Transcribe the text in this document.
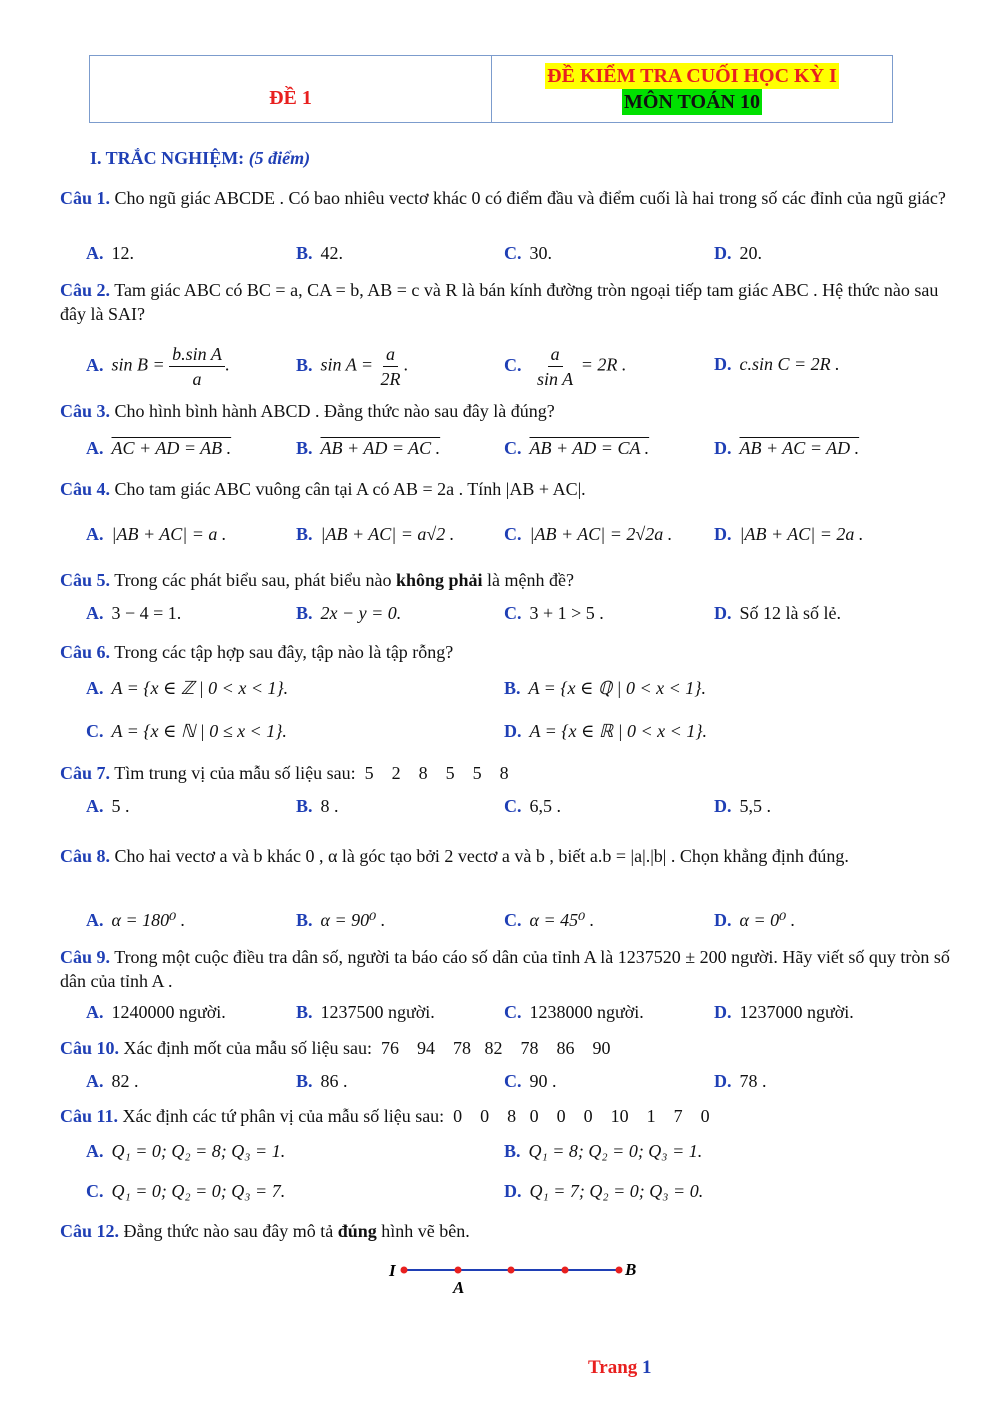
ĐỀ 1
ĐỀ KIỂM TRA CUỐI HỌC KỲ I
MÔN TOÁN 10
I. TRẮC NGHIỆM: (5 điểm)
Câu 1. Cho ngũ giác ABCDE . Có bao nhiêu vectơ khác 0 có điểm đầu và điểm cuối là hai trong số các đỉnh của ngũ giác?
A. 12.	B. 42.	C. 30.	D. 20.
Câu 2. Tam giác ABC có BC = a, CA = b, AB = c và R là bán kính đường tròn ngoại tiếp tam giác ABC . Hệ thức nào sau đây là SAI?
A. $\sin B = \frac{\text{b.sin A}}{a}$ .	B. $\sin A = \frac{a}{2R}$ .	C. $\frac{a}{\text{sin A}} = 2R$ .	D. c.sin C = 2R .
Câu 3. Cho hình bình hành ABCD . Đẳng thức nào sau đây là đúng?
A. AC + AD = AB .	B. AB + AD = AC .	C. AB + AD = CA .	D. AB + AC = AD .
Câu 4. Cho tam giác ABC vuông cân tại A có AB = 2a . Tính |AB + AC|.
A. |AB + AC| = a .	B. |AB + AC| = a√2 .	C. |AB + AC| = 2√2a . D. |AB + AC| = 2a .
Câu 5. Trong các phát biểu sau, phát biểu nào không phải là mệnh đề?
A. 3 − 4 = 1.	B. 2x − y = 0.	C. 3 + 1 > 5 .	D. Số 12 là số lẻ.
Câu 6. Trong các tập hợp sau đây, tập nào là tập rỗng?
A. A = {x ∈ ℤ | 0 < x < 1}.	B. A = {x ∈ ℚ | 0 < x < 1}.
C. A = {x ∈ ℕ | 0 ≤ x < 1}.	D. A = {x ∈ ℝ | 0 < x < 1}.
Câu 7. Tìm trung vị của mẫu số liệu sau:  5    2    8    5    5    8
A. 5 .	B. 8 .	C. 6,5 .	D. 5,5 .
Câu 8. Cho hai vectơ a và b khác 0 , α là góc tạo bởi 2 vectơ a và b , biết a.b = |a|.|b| . Chọn khẳng định đúng.
A. α = 180⁰ .	B. α = 90⁰ .	C. α = 45⁰ .	D. α = 0⁰ .
Câu 9. Trong một cuộc điều tra dân số, người ta báo cáo số dân của tỉnh A là 1237520 ± 200 người. Hãy viết số quy tròn số dân của tỉnh A .
A. 1240000 người.	B. 1237500 người.	C. 1238000 người.	D. 1237000 người.
Câu 10. Xác định mốt của mẫu số liệu sau:  76    94    78   82    78    86    90
A. 82 .	B. 86 .	C. 90 .	D. 78 .
Câu 11. Xác định các tứ phân vị của mẫu số liệu sau:  0    0    8   0    0    0    10    1    7    0
A. Q₁ = 0; Q₂ = 8; Q₃ = 1.	B. Q₁ = 8; Q₂ = 0; Q₃ = 1.
C. Q₁ = 0; Q₂ = 0; Q₃ = 7.	D. Q₁ = 7; Q₂ = 0; Q₃ = 0.
Câu 12. Đẳng thức nào sau đây mô tả đúng hình vẽ bên.
I
A
B
Trang 1
